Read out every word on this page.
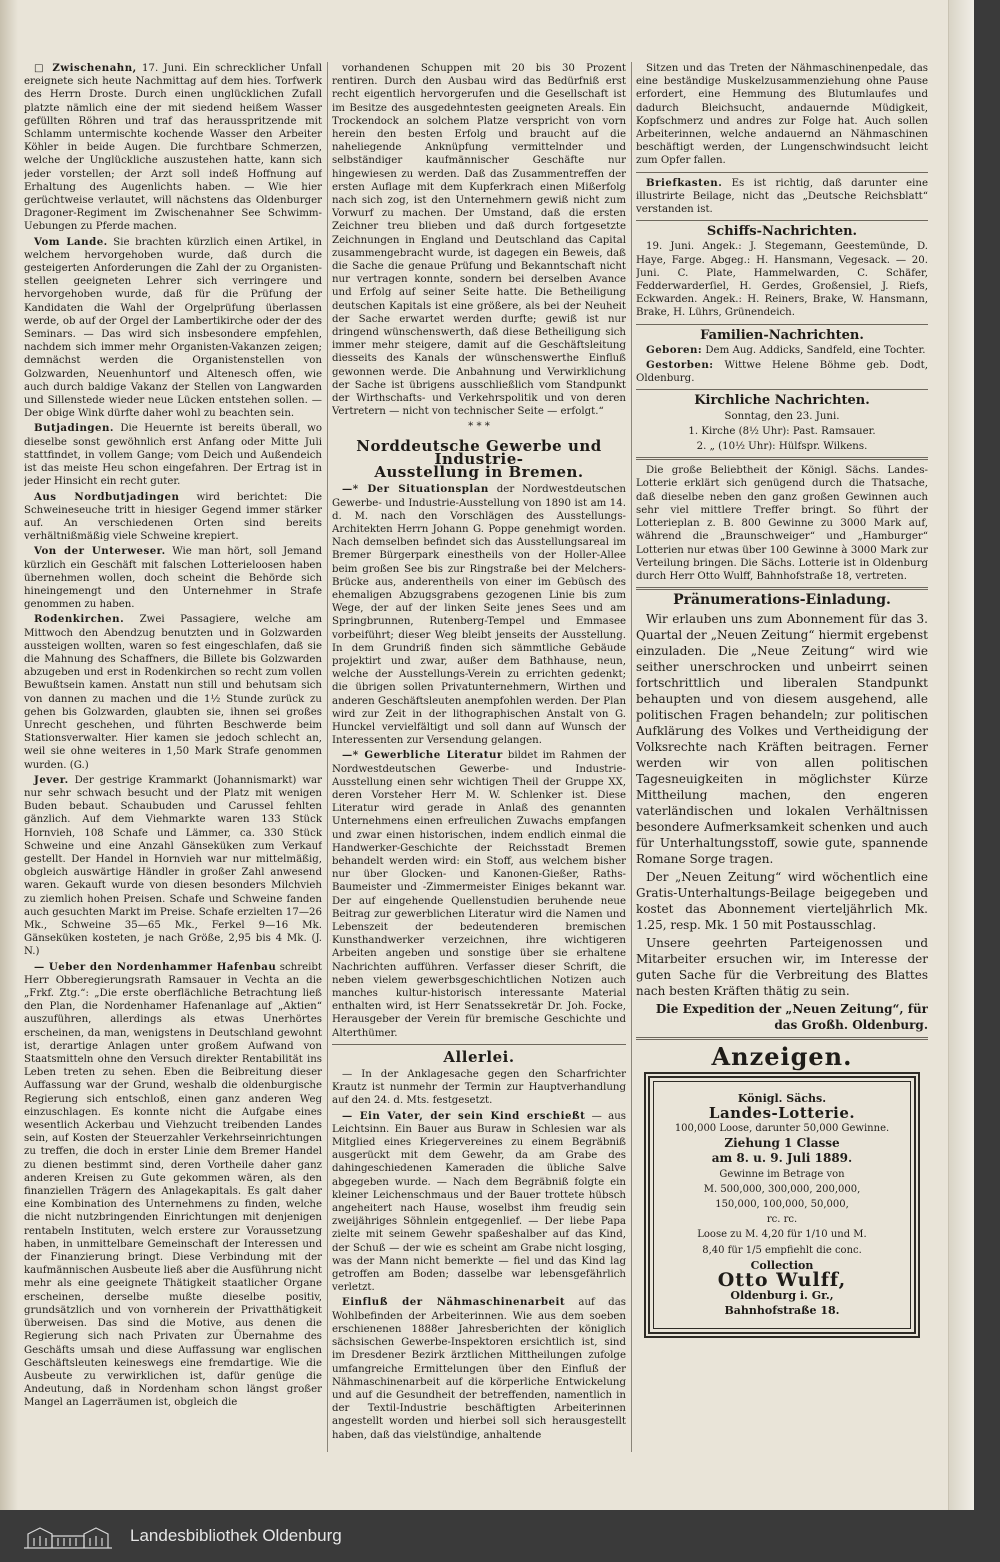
□ Zwischenahn, 17. Juni. Ein schrecklicher Unfall ereignete sich heute Nachmittag auf dem hies. Torfwerk des Herrn Droste. Durch einen unglücklichen Zufall platzte nämlich eine der mit siedend heißem Wasser gefüllten Röhren und traf das herausspritzende mit Schlamm untermischte kochende Wasser den Arbeiter Köhler in beide Augen. Die furchtbare Schmerzen, welche der Unglückliche auszustehen hatte, kann sich jeder vorstellen; der Arzt soll indeß Hoffnung auf Erhaltung des Augenlichts haben. — Wie hier gerüchtweise verlautet, will nächstens das Oldenburger Dragoner-Regiment im Zwischenahner See Schwimm-Uebungen zu Pferde machen.

Vom Lande. Sie brachten kürzlich einen Artikel, in welchem hervorgehoben wurde, daß durch die gesteigerten Anforderungen die Zahl der zu Organisten-stellen geeigneten Lehrer sich verringere und hervorgehoben wurde, daß für die Prüfung der Kandidaten die Wahl der Orgelprüfung überlassen werde, ob auf der Orgel der Lambertikirche oder der des Seminars. — Das wird sich insbesondere empfehlen, nachdem sich immer mehr Organisten-Vakanzen zeigen; demnächst werden die Organistenstellen von Golzwarden, Neuenhuntorf und Altenesch offen, wie auch durch baldige Vakanz der Stellen von Langwarden und Sillenstede wieder neue Lücken entstehen sollen. — Der obige Wink dürfte daher wohl zu beachten sein.

Butjadingen. Die Heuernte ist bereits überall, wo dieselbe sonst gewöhnlich erst Anfang oder Mitte Juli stattfindet, in vollem Gange; vom Deich und Außendeich ist das meiste Heu schon eingefahren. Der Ertrag ist in jeder Hinsicht ein recht guter.

Aus Nordbutjadingen wird berichtet: Die Schweineseuche tritt in hiesiger Gegend immer stärker auf. An verschiedenen Orten sind bereits verhältnißmäßig viele Schweine krepiert.

Von der Unterweser. Wie man hört, soll Jemand kürzlich ein Geschäft mit falschen Lotterieloosen haben übernehmen wollen, doch scheint die Behörde sich hineingemengt und den Unternehmer in Strafe genommen zu haben.

Rodenkirchen. Zwei Passagiere, welche am Mittwoch den Abendzug benutzten und in Golzwarden aussteigen wollten, waren so fest eingeschlafen, daß sie die Mahnung des Schaffners, die Billete bis Golzwarden abzugeben und erst in Rodenkirchen so recht zum vollen Bewußtsein kamen. Anstatt nun still und behutsam sich von dannen zu machen und die 1½ Stunde zurück zu gehen bis Golzwarden, glaubten sie, ihnen sei großes Unrecht geschehen, und führten Beschwerde beim Stationsverwalter. Hier kamen sie jedoch schlecht an, weil sie ohne weiteres in 1,50 Mark Strafe genommen wurden. (G.)

Jever. Der gestrige Krammarkt (Johannismarkt) war nur sehr schwach besucht und der Platz mit wenigen Buden bebaut. Schaubuden und Carussel fehlten gänzlich. Auf dem Viehmarkte waren 133 Stück Hornvieh, 108 Schafe und Lämmer, ca. 330 Stück Schweine und eine Anzahl Gänseküken zum Verkauf gestellt. Der Handel in Hornvieh war nur mittelmäßig, obgleich auswärtige Händler in großer Zahl anwesend waren. Gekauft wurde von diesen besonders Milchvieh zu ziemlich hohen Preisen. Schafe und Schweine fanden auch gesuchten Markt im Preise. Schafe erzielten 17—26 Mk., Schweine 35—65 Mk., Ferkel 9—16 Mk. Gänseküken kosteten, je nach Größe, 2,95 bis 4 Mk. (J. N.)

— Ueber den Nordenhammer Hafenbau schreibt Herr Obberegierungsrath Ramsauer in Vechta an die „Frkf. Ztg.“: „Die erste oberflächliche Betrachtung ließ den Plan, die Nordenhamer Hafenanlage auf „Aktien“ auszuführen, allerdings als etwas Unerhörtes erscheinen, da man, wenigstens in Deutschland gewohnt ist, derartige Anlagen unter großem Aufwand von Staatsmitteln ohne den Versuch direkter Rentabilität ins Leben treten zu sehen. Eben die Beibreitung dieser Auffassung war der Grund, weshalb die oldenburgische Regierung sich entschloß, einen ganz anderen Weg einzuschlagen. Es konnte nicht die Aufgabe eines wesentlich Ackerbau und Viehzucht treibenden Landes sein, auf Kosten der Steuerzahler Verkehrseinrichtungen zu treffen, die doch in erster Linie dem Bremer Handel zu dienen bestimmt sind, deren Vortheile daher ganz anderen Kreisen zu Gute gekommen wären, als den finanziellen Trägern des Anlagekapitals. Es galt daher eine Kombination des Unternehmens zu finden, welche die nicht nutzbringenden Einrichtungen mit denjenigen rentabeln Instituten, welch erstere zur Voraussetzung haben, in unmittelbare Gemeinschaft der Interessen und der Finanzierung bringt. Diese Verbindung mit der kaufmännischen Ausbeute ließ aber die Ausführung nicht mehr als eine geeignete Thätigkeit staatlicher Organe erscheinen, derselbe mußte dieselbe positiv, grundsätzlich und von vornherein der Privatthätigkeit überweisen. Das sind die Motive, aus denen die Regierung sich nach Privaten zur Übernahme des Geschäfts umsah und diese Auffassung war englischen Geschäftsleuten keineswegs eine fremdartige. Wie die Ausbeute zu verwirklichen ist, dafür genüge die Andeutung, daß in Nordenham schon längst großer Mangel an Lagerräumen ist, obgleich die

vorhandenen Schuppen mit 20 bis 30 Prozent rentiren. Durch den Ausbau wird das Bedürfniß erst recht eigentlich hervorgerufen und die Gesellschaft ist im Besitze des ausgedehntesten geeigneten Areals. Ein Trockendock an solchem Platze verspricht von vorn herein den besten Erfolg und braucht auf die naheliegende Anknüpfung vermittelnder und selbständiger kaufmännischer Geschäfte nur hingewiesen zu werden. Daß das Zusammentreffen der ersten Auflage mit dem Kupferkrach einen Mißerfolg nach sich zog, ist den Unternehmern gewiß nicht zum Vorwurf zu machen. Der Umstand, daß die ersten Zeichner treu blieben und daß durch fortgesetzte Zeichnungen in England und Deutschland das Capital zusammengebracht wurde, ist dagegen ein Beweis, daß die Sache die genaue Prüfung und Bekanntschaft nicht nur vertragen konnte, sondern bei derselben Avance und Erfolg auf seiner Seite hatte. Die Betheiligung deutschen Kapitals ist eine größere, als bei der Neuheit der Sache erwartet werden durfte; gewiß ist nur dringend wünschenswerth, daß diese Betheiligung sich immer mehr steigere, damit auf die Geschäftsleitung diesseits des Kanals der wünschenswerthe Einfluß gewonnen werde. Die Anbahnung und Verwirklichung der Sache ist übrigens ausschließlich vom Standpunkt der Wirthschafts- und Verkehrspolitik und von deren Vertretern — nicht von technischer Seite — erfolgt.“

* * *

Norddeutsche Gewerbe und Industrie-
Ausstellung in Bremen.

—* Der Situationsplan der Nordwestdeutschen Gewerbe- und Industrie-Ausstellung von 1890 ist am 14. d. M. nach den Vorschlägen des Ausstellungs-Architekten Herrn Johann G. Poppe genehmigt worden. Nach demselben befindet sich das Ausstellungsareal im Bremer Bürgerpark einestheils von der Holler-Allee beim großen See bis zur Ringstraße bei der Melchers-Brücke aus, anderentheils von einer im Gebüsch des ehemaligen Abzugsgrabens gezogenen Linie bis zum Wege, der auf der linken Seite jenes Sees und am Springbrunnen, Rutenberg-Tempel und Emmasee vorbeiführt; dieser Weg bleibt jenseits der Ausstellung. In dem Grundriß finden sich sämmtliche Gebäude projektirt und zwar, außer dem Bathhause, neun, welche der Ausstellungs-Verein zu errichten gedenkt; die übrigen sollen Privatunternehmern, Wirthen und anderen Geschäftsleuten anempfohlen werden. Der Plan wird zur Zeit in der lithographischen Anstalt von G. Hunckel vervielfältigt und soll dann auf Wunsch der Interessenten zur Versendung gelangen.

—* Gewerbliche Literatur bildet im Rahmen der Nordwestdeutschen Gewerbe- und Industrie-Ausstellung einen sehr wichtigen Theil der Gruppe XX, deren Vorsteher Herr M. W. Schlenker ist. Diese Literatur wird gerade in Anlaß des genannten Unternehmens einen erfreulichen Zuwachs empfangen und zwar einen historischen, indem endlich einmal die Handwerker-Geschichte der Reichsstadt Bremen behandelt werden wird: ein Stoff, aus welchem bisher nur über Glocken- und Kanonen-Gießer, Raths-Baumeister und -Zimmermeister Einiges bekannt war. Der auf eingehende Quellenstudien beruhende neue Beitrag zur gewerblichen Literatur wird die Namen und Lebenszeit der bedeutenderen bremischen Kunsthandwerker verzeichnen, ihre wichtigeren Arbeiten angeben und sonstige über sie erhaltene Nachrichten aufführen. Verfasser dieser Schrift, die neben vielem gewerbsgeschichtlichen Notizen auch manches kultur-historisch interessante Material enthalten wird, ist Herr Senatssekretär Dr. Joh. Focke, Herausgeber der Verein für bremische Geschichte und Alterthümer.

Allerlei.

— In der Anklagesache gegen den Scharfrichter Krautz ist nunmehr der Termin zur Hauptverhandlung auf den 24. d. Mts. festgesetzt.

— Ein Vater, der sein Kind erschießt — aus Leichtsinn. Ein Bauer aus Buraw in Schlesien war als Mitglied eines Kriegervereines zu einem Begräbniß ausgerückt mit dem Gewehr, da am Grabe des dahingeschiedenen Kameraden die übliche Salve abgegeben wurde. — Nach dem Begräbniß folgte ein kleiner Leichenschmaus und der Bauer trottete hübsch angeheitert nach Hause, woselbst ihm freudig sein zweijähriges Söhnlein entgegenlief. — Der liebe Papa zielte mit seinem Gewehr spaßeshalber auf das Kind, der Schuß — der wie es scheint am Grabe nicht losging, was der Mann nicht bemerkte — fiel und das Kind lag getroffen am Boden; dasselbe war lebensgefährlich verletzt.

Einfluß der Nähmaschinenarbeit auf das Wohlbefinden der Arbeiterinnen. Wie aus dem soeben erschienenen 1888er Jahresberichten der königlich sächsischen Gewerbe-Inspektoren ersichtlich ist, sind im Dresdener Bezirk ärztlichen Mittheilungen zufolge umfangreiche Ermittelungen über den Einfluß der Nähmaschinenarbeit auf die körperliche Entwickelung und auf die Gesundheit der betreffenden, namentlich in der Textil-Industrie beschäftigten Arbeiterinnen angestellt worden und hierbei soll sich herausgestellt haben, daß das vielstündige, anhaltende

Sitzen und das Treten der Nähmaschinenpedale, das eine beständige Muskelzusammenziehung ohne Pause erfordert, eine Hemmung des Blutumlaufes und dadurch Bleichsucht, andauernde Müdigkeit, Kopfschmerz und andres zur Folge hat. Auch sollen Arbeiterinnen, welche andauernd an Nähmaschinen beschäftigt werden, der Lungenschwindsucht leicht zum Opfer fallen.

Briefkasten. Es ist richtig, daß darunter eine illustrirte Beilage, nicht das „Deutsche Reichsblatt“ verstanden ist.

Schiffs-Nachrichten.

19. Juni. Angek.: J. Stegemann, Geestemünde, D. Haye, Farge. Abgeg.: H. Hansmann, Vegesack. — 20. Juni. C. Plate, Hammelwarden, C. Schäfer, Fedderwarderſiel, H. Gerdes, Großensiel, J. Riefs, Eckwarden. Angek.: H. Reiners, Brake, W. Hansmann, Brake, H. Lührs, Grünendeich.

Familien-Nachrichten.

Geboren: Dem Aug. Addicks, Sandfeld, eine Tochter.

Gestorben: Wittwe Helene Böhme geb. Dodt, Oldenburg.

Kirchliche Nachrichten.

Sonntag, den 23. Juni.

1. Kirche (8½ Uhr): Past. Ramsauer.

2. „ (10½ Uhr): Hülfspr. Wilkens.

Die große Beliebtheit der Königl. Sächs. Landes-Lotterie erklärt sich genügend durch die Thatsache, daß dieselbe neben den ganz großen Gewinnen auch sehr viel mittlere Treffer bringt. So führt der Lotterieplan z. B. 800 Gewinne zu 3000 Mark auf, während die „Braunschweiger“ und „Hamburger“ Lotterien nur etwas über 100 Gewinne à 3000 Mark zur Verteilung bringen. Die Sächs. Lotterie ist in Oldenburg durch Herr Otto Wulff, Bahnhofstraße 18, vertreten.

Pränumerations-Einladung.

Wir erlauben uns zum Abonnement für das 3. Quartal der „Neuen Zeitung“ hiermit ergebenst einzuladen. Die „Neue Zeitung“ wird wie seither unerschrocken und unbeirrt seinen fortschrittlich und liberalen Standpunkt behaupten und von diesem ausgehend, alle politischen Fragen behandeln; zur politischen Aufklärung des Volkes und Vertheidigung der Volksrechte nach Kräften beitragen. Ferner werden wir von allen politischen Tagesneuigkeiten in möglichster Kürze Mittheilung machen, den engeren vaterländischen und lokalen Verhältnissen besondere Aufmerksamkeit schenken und auch für Unterhaltungsstoff, sowie gute, spannende Romane Sorge tragen.

Der „Neuen Zeitung“ wird wöchentlich eine Gratis-Unterhaltungs-Beilage beigegeben und kostet das Abonnement vierteljährlich Mk. 1.25, resp. Mk. 1 50 mit Postausschlag.

Unsere geehrten Parteigenossen und Mitarbeiter ersuchen wir, im Interesse der guten Sache für die Verbreitung des Blattes nach besten Kräften thätig zu sein.

Die Expedition der „Neuen Zeitung“, für das Großh. Oldenburg.

Anzeigen.
Königl. Sächs.
Landes-Lotterie.
100,000 Loose, darunter 50,000 Gewinne.
Ziehung 1 Classe
am 8. u. 9. Juli 1889.
Gewinne im Betrage von
M. 500,000, 300,000, 200,000,
150,000, 100,000, 50,000,
rc. rc.
Loose zu M. 4,20 für 1/10 und M.
8,40 für 1/5 empfiehlt die conc.
Collection
Otto Wulff,
Oldenburg i. Gr.,
Bahnhofstraße 18.
Landesbibliothek Oldenburg
